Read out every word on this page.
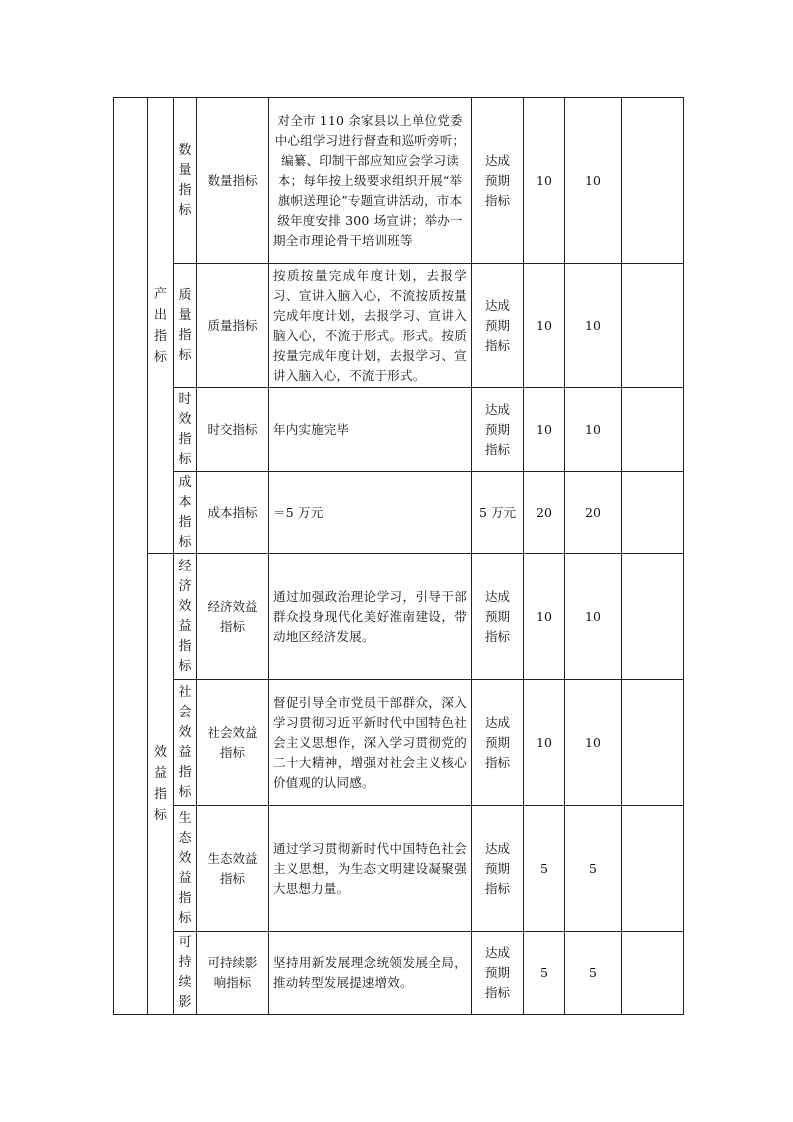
	产出指标	数量指标	数量指标	对全市 110 余家县以上单位党委中心组学习进行督查和巡听旁听；编纂、印制干部应知应会学习读本；每年按上级要求组织开展“举旗帜送理论”专题宣讲活动，市本级年度安排 300 场宣讲；举办一期全市理论骨干培训班等	达成预期指标	10	10	
		质量指标	质量指标	按质按量完成年度计划，去报学习、宣讲入脑入心，不流按质按量完成年度计划，去报学习、宣讲入脑入心，不流于形式。形式。按质按量完成年度计划，去报学习、宣讲入脑入心，不流于形式。	达成预期指标	10	10	
		时效指标	时交指标	年内实施完毕	达成预期指标	10	10	
		成本指标	成本指标	＝5 万元	5 万元	20	20	
	效益指标	经济效益指标	经济效益指标	通过加强政治理论学习，引导干部群众投身现代化美好淮南建设，带动地区经济发展。	达成预期指标	10	10	
		社会效益指标	社会效益指标	督促引导全市党员干部群众，深入学习贯彻习近平新时代中国特色社会主义思想作，深入学习贯彻党的二十大精神，增强对社会主义核心价值观的认同感。	达成预期指标	10	10	
		生态效益指标	生态效益指标	通过学习贯彻新时代中国特色社会主义思想，为生态文明建设凝聚强大思想力量。	达成预期指标	5	5	
		可持续影	可持续影响指标	坚持用新发展理念统领发展全局，推动转型发展提速增效。	达成预期指标	5	5	
